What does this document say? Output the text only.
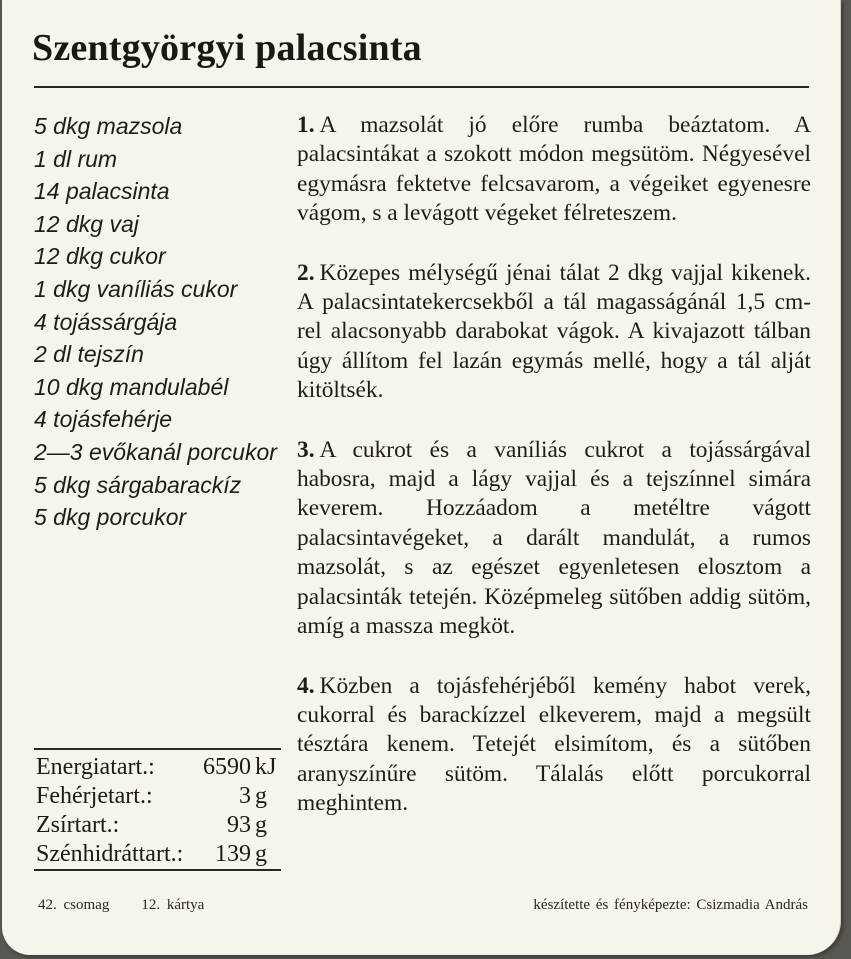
Szentgyörgyi palacsinta
5 dkg mazsola
1 dl rum
14 palacsinta
12 dkg vaj
12 dkg cukor
1 dkg vaníliás cukor
4 tojássárgája
2 dl tejszín
10 dkg mandulabél
4 tojásfehérje
2—3 evőkanál porcukor
5 dkg sárgabarackíz
5 dkg porcukor
Energiatart.:	6590 kJ
Fehérjetart.:	3 g
Zsírtart.:	93 g
Szénhidráttart.:	139 g

1. A mazsolát jó előre rumba beáztatom. A palacsintákat a szokott módon megsütöm. Négyesével egymásra fektetve felcsavarom, a végeiket egyenesre vágom, s a levágott végeket félreteszem.

2. Közepes mélységű jénai tálat 2 dkg vajjal kikenek. A palacsintatekercsekből a tál magasságánál 1,5 cm-rel alacsonyabb darabokat vágok. A kivajazott tálban úgy állítom fel lazán egymás mellé, hogy a tál alját kitöltsék.

3. A cukrot és a vaníliás cukrot a tojássárgával habosra, majd a lágy vajjal és a tejszínnel simára keverem. Hozzáadom a metéltre vágott palacsintavégeket, a darált mandulát, a rumos mazsolát, s az egészet egyenletesen elosztom a palacsinták tetején. Középmeleg sütőben addig sütöm, amíg a massza megköt.

4. Közben a tojásfehérjéből kemény habot verek, cukorral és barackízzel elkeverem, majd a megsült tésztára kenem. Tetejét elsimítom, és a sütőben aranyszínűre sütöm. Tálalás előtt porcukorral meghintem.

42. csomag 12. kártya	készítette és fényképezte: Csizmadia András
